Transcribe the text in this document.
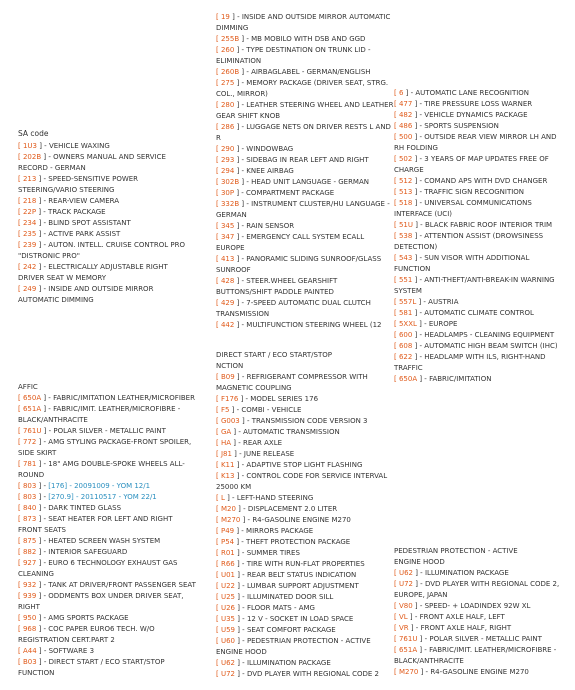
SA code
[ 1U3 ] - VEHICLE WAXING
[ 202B ] - OWNERS MANUAL AND SERVICE RECORD - GERMAN
[ 213 ] - SPEED-SENSITIVE POWER STEERING/VARIO STEERING
[ 218 ] - REAR-VIEW CAMERA
[ 22P ] - TRACK PACKAGE
[ 234 ] - BLIND SPOT ASSISTANT
[ 235 ] - ACTIVE PARK ASSIST
[ 239 ] - AUTON. INTELL. CRUISE CONTROL PRO "DISTRONIC PRO"
[ 242 ] - ELECTRICALLY ADJUSTABLE RIGHT DRIVER SEAT W MEMORY
[ 249 ] - INSIDE AND OUTSIDE MIRROR AUTOMATIC DIMMING
[ 19 ] - INSIDE AND OUTSIDE MIRROR AUTOMATIC DIMMING
[ 255B ] - MB MOBILO WITH DSB AND GGD
[ 260 ] - TYPE DESTINATION ON TRUNK LID - ELIMINATION
[ 260B ] - AIRBAGLABEL - GERMAN/ENGLISH
[ 275 ] - MEMORY PACKAGE (DRIVER SEAT, STRG. COL., MIRROR)
[ 280 ] - LEATHER STEERING WHEEL AND LEATHER GEAR SHIFT KNOB
[ 286 ] - LUGGAGE NETS ON DRIVER RESTS L AND R
[ 290 ] - WINDOWBAG
[ 293 ] - SIDEBAG IN REAR LEFT AND RIGHT
[ 294 ] - KNEE AIRBAG
[ 302B ] - HEAD UNIT LANGUAGE - GERMAN
[ 30P ] - COMPARTMENT PACKAGE
[ 332B ] - INSTRUMENT CLUSTER/HU LANGUAGE - GERMAN
[ 345 ] - RAIN SENSOR
[ 347 ] - EMERGENCY CALL SYSTEM ECALL EUROPE
[ 413 ] - PANORAMIC SLIDING SUNROOF/GLASS SUNROOF
[ 428 ] - STEER.WHEEL GEARSHIFT BUTTONS/SHIFT PADDLE PAINTED
[ 429 ] - 7-SPEED AUTOMATIC DUAL CLUTCH TRANSMISSION
[ 442 ] - MULTIFUNCTION STEERING WHEEL (12
[ 6 ] - AUTOMATIC LANE RECOGNITION
[ 477 ] - TIRE PRESSURE LOSS WARNER
[ 482 ] - VEHICLE DYNAMICS PACKAGE
[ 486 ] - SPORTS SUSPENSION
[ 500 ] - OUTSIDE REAR VIEW MIRROR LH AND RH FOLDING
[ 502 ] - 3 YEARS OF MAP UPDATES FREE OF CHARGE
[ 512 ] - COMAND APS WITH DVD CHANGER
[ 513 ] - TRAFFIC SIGN RECOGNITION
[ 518 ] - UNIVERSAL COMMUNICATIONS INTERFACE (UCI)
[ 51U ] - BLACK FABRIC ROOF INTERIOR TRIM
[ 538 ] - ATTENTION ASSIST (DROWSINESS DETECTION)
[ 543 ] - SUN VISOR WITH ADDITIONAL FUNCTION
[ 551 ] - ANTI-THEFT/ANTI-BREAK-IN WARNING SYSTEM
[ 557L ] - AUSTRIA
[ 581 ] - AUTOMATIC CLIMATE CONTROL
[ 5XXL ] - EUROPE
[ 600 ] - HEADLAMPS - CLEANING EQUIPMENT
[ 608 ] - AUTOMATIC HIGH BEAM SWITCH (IHC)
[ 622 ] - HEADLAMP WITH ILS, RIGHT-HAND TRAFFIC
[ 650A ] - FABRIC/IMITATION
AFFIC
[ 650A ] - FABRIC/IMITATION LEATHER/MICROFIBER
[ 651A ] - FABRIC/IMIT. LEATHER/MICROFIBRE - BLACK/ANTHRACITE
[ 761U ] - POLAR SILVER - METALLIC PAINT
[ 772 ] - AMG STYLING PACKAGE-FRONT SPOILER, SIDE SKIRT
[ 781 ] - 18" AMG DOUBLE-SPOKE WHEELS ALL-ROUND
[ 803 ] - [176] - 20091009 - YOM 12/1
[ 803 ] - [270.9] - 20110517 - YOM 22/1
[ 840 ] - DARK TINTED GLASS
[ 873 ] - SEAT HEATER FOR LEFT AND RIGHT FRONT SEATS
[ 875 ] - HEATED SCREEN WASH SYSTEM
[ 882 ] - INTERIOR SAFEGUARD
[ 927 ] - EURO 6 TECHNOLOGY EXHAUST GAS CLEANING
[ 932 ] - TANK AT DRIVER/FRONT PASSENGER SEAT
[ 939 ] - ODDMENTS BOX UNDER DRIVER SEAT, RIGHT
[ 950 ] - AMG SPORTS PACKAGE
[ 968 ] - COC PAPER EURO6 TECH. W/O REGISTRATION CERT.PART 2
[ A44 ] - SOFTWARE 3
[ B03 ] - DIRECT START / ECO START/STOP FUNCTION
DIRECT START / ECO START/STOP
NCTION
[ B09 ] - REFRIGERANT COMPRESSOR WITH MAGNETIC COUPLING
[ F176 ] - MODEL SERIES 176
[ F5 ] - COMBI - VEHICLE
[ G003 ] - TRANSMISSION CODE VERSION 3
[ GA ] - AUTOMATIC TRANSMISSION
[ HA ] - REAR AXLE
[ J81 ] - JUNE RELEASE
[ K11 ] - ADAPTIVE STOP LIGHT FLASHING
[ K13 ] - CONTROL CODE FOR SERVICE INTERVAL 25000 KM
[ L ] - LEFT-HAND STEERING
[ M20 ] - DISPLACEMENT 2.0 LITER
[ M270 ] - R4-GASOLINE ENGINE M270
[ P49 ] - MIRRORS PACKAGE
[ P54 ] - THEFT PROTECTION PACKAGE
[ R01 ] - SUMMER TIRES
[ R66 ] - TIRE WITH RUN-FLAT PROPERTIES
[ U01 ] - REAR BELT STATUS INDICATION
[ U22 ] - LUMBAR SUPPORT ADJUSTMENT
[ U25 ] - ILLUMINATED DOOR SILL
[ U26 ] - FLOOR MATS - AMG
[ U35 ] - 12 V - SOCKET IN LOAD SPACE
[ U59 ] - SEAT COMFORT PACKAGE
[ U60 ] - PEDESTRIAN PROTECTION - ACTIVE ENGINE HOOD
[ U62 ] - ILLUMINATION PACKAGE
[ U72 ] - DVD PLAYER WITH REGIONAL CODE 2
PEDESTRIAN PROTECTION - ACTIVE
ENGINE HOOD
[ U62 ] - ILLUMINATION PACKAGE
[ U72 ] - DVD PLAYER WITH REGIONAL CODE 2, EUROPE, JAPAN
[ V80 ] - SPEED- + LOADINDEX 92W XL
[ VL ] - FRONT AXLE HALF, LEFT
[ VR ] - FRONT AXLE HALF, RIGHT
[ 761U ] - POLAR SILVER - METALLIC PAINT
[ 651A ] - FABRIC/IMIT. LEATHER/MICROFIBRE - BLACK/ANTHRACITE
[ M270 ] - R4-GASOLINE ENGINE M270
